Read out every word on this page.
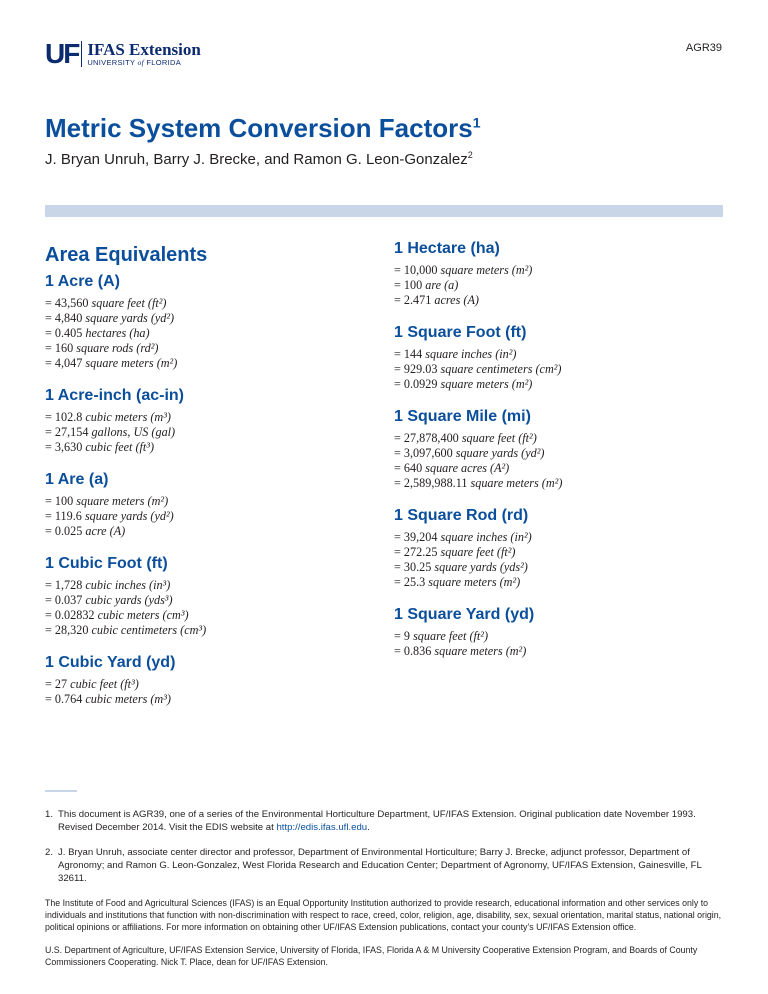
UF IFAS Extension
UNIVERSITY of FLORIDA
AGR39
Metric System Conversion Factors$^1$

J. Bryan Unruh, Barry J. Brecke, and Ramon G. Leon-Gonzalez$^2$

Area Equivalents
1 Acre (A)
= 43,560 square feet (ft²)
= 4,840 square yards (yd²)
= 0.405 hectares (ha)
= 160 square rods (rd²)
= 4,047 square meters (m²)
1 Acre-inch (ac-in)
= 102.8 cubic meters (m³)
= 27,154 gallons, US (gal)
= 3,630 cubic feet (ft³)
1 Are (a)
= 100 square meters (m²)
= 119.6 square yards (yd²)
= 0.025 acre (A)
1 Cubic Foot (ft)
= 1,728 cubic inches (in³)
= 0.037 cubic yards (yds³)
= 0.02832 cubic meters (cm³)
= 28,320 cubic centimeters (cm³)
1 Cubic Yard (yd)
= 27 cubic feet (ft³)
= 0.764 cubic meters (m³)
1 Hectare (ha)
= 10,000 square meters (m²)
= 100 are (a)
= 2.471 acres (A)
1 Square Foot (ft)
= 144 square inches (in²)
= 929.03 square centimeters (cm²)
= 0.0929 square meters (m²)
1 Square Mile (mi)
= 27,878,400 square feet (ft²)
= 3,097,600 square yards (yd²)
= 640 square acres (A²)
= 2,589,988.11 square meters (m²)
1 Square Rod (rd)
= 39,204 square inches (in²)
= 272.25 square feet (ft²)
= 30.25 square yards (yds²)
= 25.3 square meters (m²)
1 Square Yard (yd)
= 9 square feet (ft²)
= 0.836 square meters (m²)
1. This document is AGR39, one of a series of the Environmental Horticulture Department, UF/IFAS Extension. Original publication date November 1993. Revised December 2014. Visit the EDIS website at http://edis.ifas.ufl.edu.
2. J. Bryan Unruh, associate center director and professor, Department of Environmental Horticulture; Barry J. Brecke, adjunct professor, Department of Agronomy; and Ramon G. Leon-Gonzalez, West Florida Research and Education Center; Department of Agronomy, UF/IFAS Extension, Gainesville, FL 32611.
The Institute of Food and Agricultural Sciences (IFAS) is an Equal Opportunity Institution authorized to provide research, educational information and other services only to individuals and institutions that function with non-discrimination with respect to race, creed, color, religion, age, disability, sex, sexual orientation, marital status, national origin, political opinions or affiliations. For more information on obtaining other UF/IFAS Extension publications, contact your county’s UF/IFAS Extension office.
U.S. Department of Agriculture, UF/IFAS Extension Service, University of Florida, IFAS, Florida A & M University Cooperative Extension Program, and Boards of County Commissioners Cooperating. Nick T. Place, dean for UF/IFAS Extension.
